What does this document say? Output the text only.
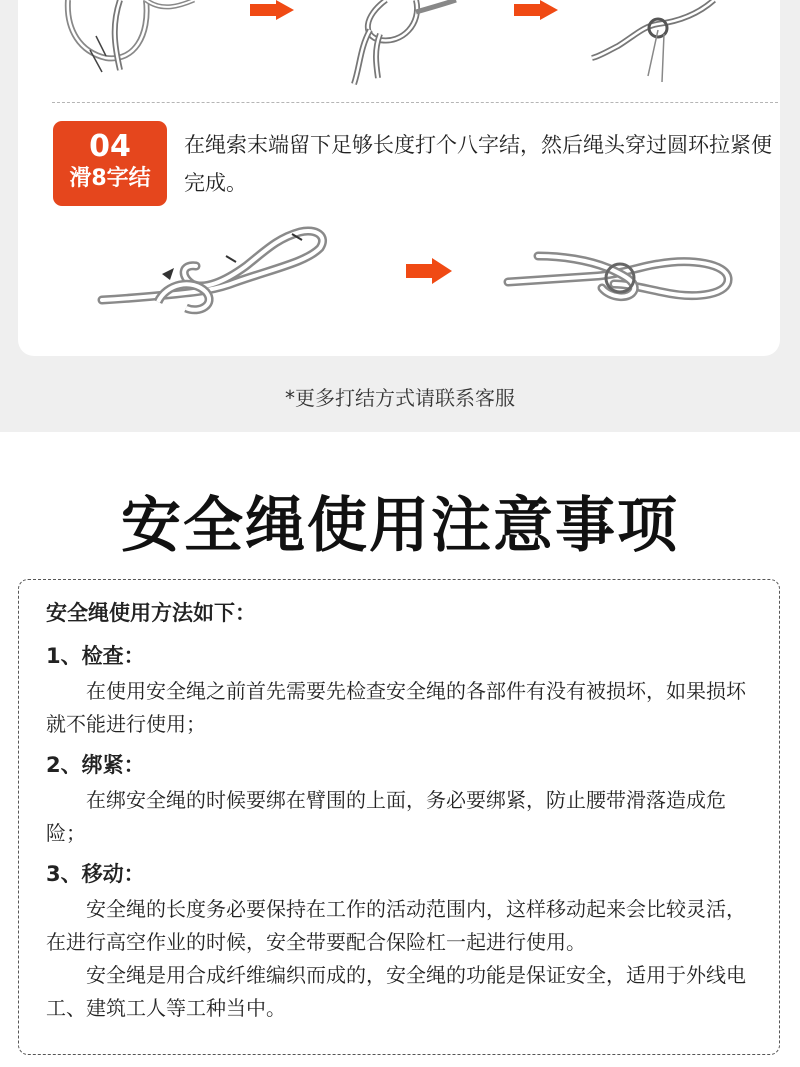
04
滑8字结

在绳索末端留下足够长度打个八字结，然后绳头穿过圆环拉紧便完成。

*更多打结方式请联系客服

安全绳使用注意事项

安全绳使用方法如下：

1、检查：

在使用安全绳之前首先需要先检查安全绳的各部件有没有被损坏，如果损坏就不能进行使用；

2、绑紧：

在绑安全绳的时候要绑在臂围的上面，务必要绑紧，防止腰带滑落造成危险；

3、移动：

安全绳的长度务必要保持在工作的活动范围内，这样移动起来会比较灵活，在进行高空作业的时候，安全带要配合保险杠一起进行使用。

安全绳是用合成纤维编织而成的，安全绳的功能是保证安全，适用于外线电工、建筑工人等工种当中。
